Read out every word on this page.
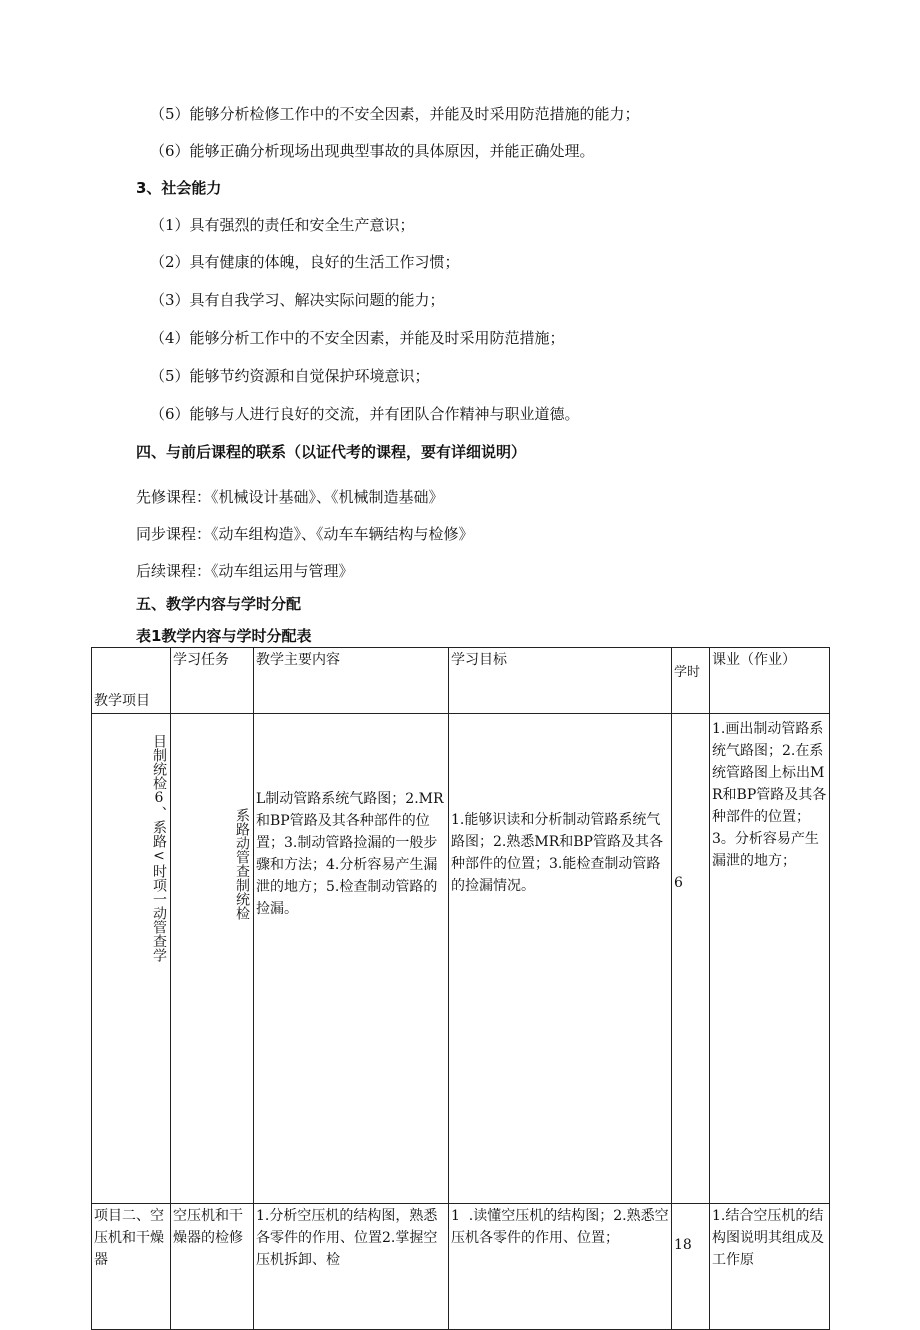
（5）能够分析检修工作中的不安全因素，并能及时采用防范措施的能力；
（6）能够正确分析现场出现典型事故的具体原因，并能正确处理。
3、社会能力
（1）具有强烈的责任和安全生产意识；
（2）具有健康的体魄，良好的生活工作习惯；
（3）具有自我学习、解决实际问题的能力；
（4）能够分析工作中的不安全因素，并能及时采用防范措施；
（5）能够节约资源和自觉保护环境意识；
（6）能够与人进行良好的交流，并有团队合作精神与职业道德。
四、与前后课程的联系（以证代考的课程，要有详细说明）
先修课程：《机械设计基础》、《机械制造基础》
同步课程：《动车组构造》、《动车车辆结构与检修》
后续课程：《动车组运用与管理》
五、教学内容与学时分配
表1教学内容与学时分配表
教学项目	学习任务	教学主要内容	学习目标	学时	课业（作业）

目制统检6、系路<时项一动管查学	系路动管查制统检	L制动管路系统气路图；2.MR和BP管路及其各种部件的位置；3.制动管路捡漏的一般步骤和方法；4.分析容易产生漏泄的地方；5.检查制动管路的捡漏。	1.能够识读和分析制动管路系统气路图；2.熟悉MR和BP管路及其各种部件的位置；3.能检查制动管路的捡漏情况。	6	1.画出制动管路系统气路图；2.在系统管路图上标出MR和BP管路及其各种部件的位置；3。分析容易产生漏泄的地方；

项目二、空压机和干燥器	空压机和干燥器的检修	1.分析空压机的结构图，熟悉各零件的作用、位置2.掌握空压机拆卸、检	1  .读懂空压机的结构图；2.熟悉空压机各零件的作用、位置；	18	1.结合空压机的结构图说明其组成及工作原
